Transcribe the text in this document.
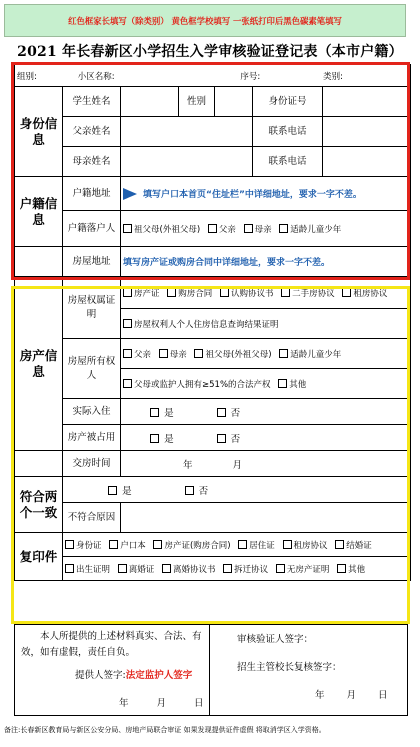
红色框家长填写（除类别） 黄色框学校填写 一张纸打印后黑色碳素笔填写
2021 年长春新区小学招生入学审核验证登记表（本市户籍）
组别: 小区名称: 序号: 类别:						
身份信息	学生姓名		性别		身份证号	
	父亲姓名				联系电话	
	母亲姓名				联系电话	
户籍信息	户籍地址	填写户口本首页“住址栏”中详细地址，要求一字不差。				
	户籍落户人	祖父母(外祖父母) 父亲 母亲 适龄儿童少年				
	房屋地址	填写房产证或购房合同中详细地址，要求一字不差。				
房产信息	房屋权属证明	房产证 购房合同 认购协议书 二手房协议 租房协议				
		房屋权利人个人住房信息查询结果证明				
	房屋所有权人	父亲 母亲 祖父母(外祖父母) 适龄儿童少年				
		父母或监护人拥有≥51%的合法产权 其他				
	实际入住	是 否				
	房产被占用	是 否				
	交房时间	年 月				
符合两个一致	是 否					
	不符合原因					
复印件	身份证 户口本 房产证(购房合同) 居住证 租房协议 结婚证					
	出生证明 离婚证 离婚协议书 拆迁协议 无房产证明 其他					
本人所提供的上述材料真实、合法、有效，如有虚假，责任自负。
提供人签字:法定监护人签字
年	月	日
审核验证人签字：
招生主管校长复核签字：
年 月 日
备注:长春新区教育局与新区公安分局、房地产局联合审证 如果发现提供证件虚假 将取消学区入学资格。
